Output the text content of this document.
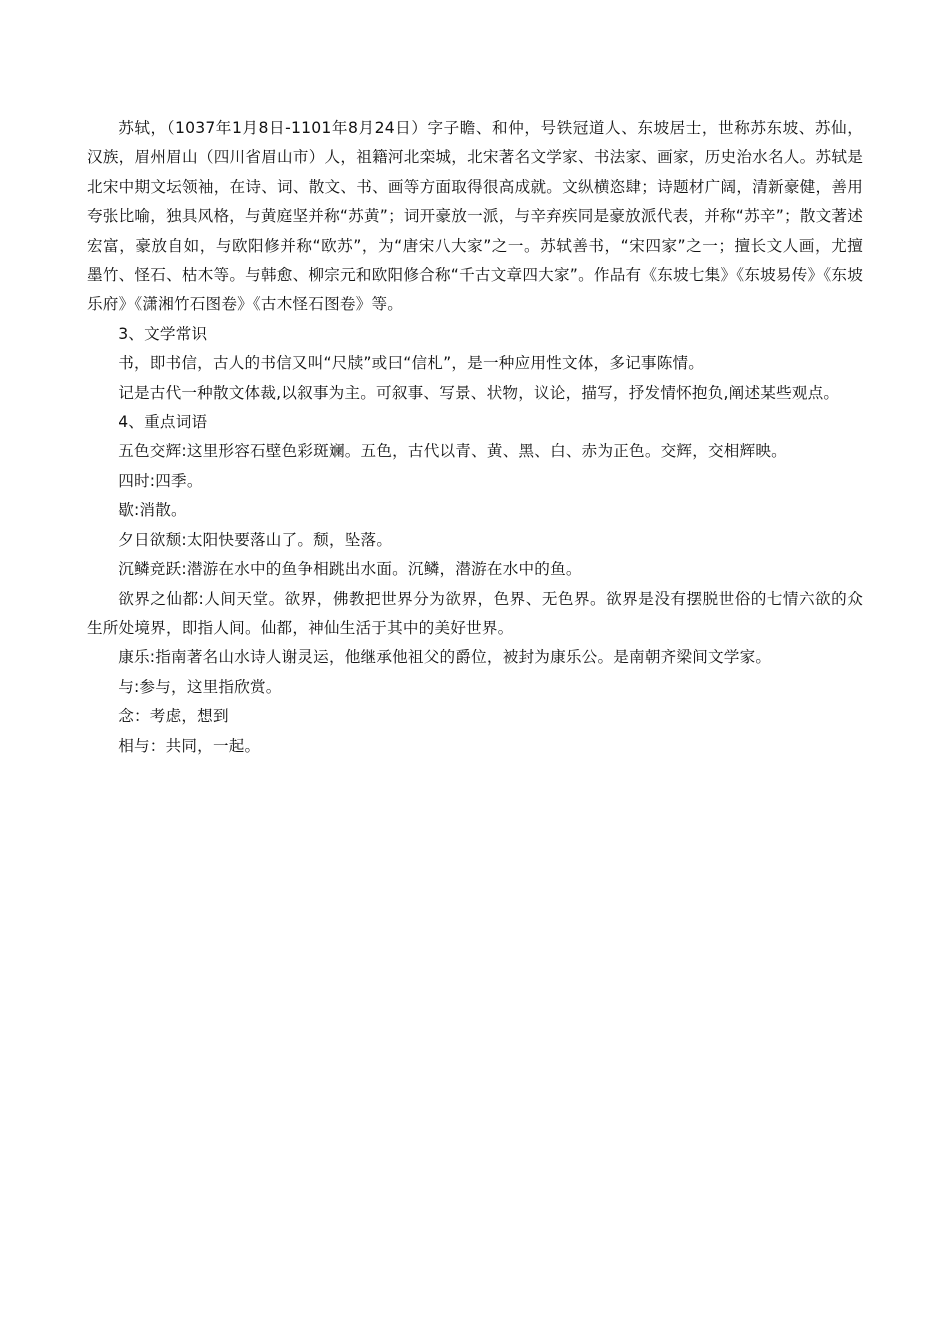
苏轼，（1037年1月8日-1101年8月24日）字子瞻、和仲，号铁冠道人、东坡居士，世称苏东坡、苏仙，汉族，眉州眉山（四川省眉山市）人，祖籍河北栾城，北宋著名文学家、书法家、画家，历史治水名人。苏轼是北宋中期文坛领袖，在诗、词、散文、书、画等方面取得很高成就。文纵横恣肆；诗题材广阔，清新豪健，善用夸张比喻，独具风格，与黄庭坚并称“苏黄”；词开豪放一派，与辛弃疾同是豪放派代表，并称“苏辛”；散文著述宏富，豪放自如，与欧阳修并称“欧苏”，为“唐宋八大家”之一。苏轼善书，“宋四家”之一；擅长文人画，尤擅墨竹、怪石、枯木等。与韩愈、柳宗元和欧阳修合称“千古文章四大家”。作品有《东坡七集》《东坡易传》《东坡乐府》《潇湘竹石图卷》《古木怪石图卷》等。

3、文学常识

书，即书信，古人的书信又叫“尺牍”或曰“信札”，是一种应用性文体，多记事陈情。

记是古代一种散文体裁,以叙事为主。可叙事、写景、状物，议论，描写，抒发情怀抱负,阐述某些观点。

4、重点词语

五色交辉:这里形容石壁色彩斑斓。五色，古代以青、黄、黑、白、赤为正色。交辉，交相辉映。

四时:四季。

歇:消散。

夕日欲颓:太阳快要落山了。颓，坠落。

沉鳞竞跃:潜游在水中的鱼争相跳出水面。沉鳞，潜游在水中的鱼。

欲界之仙都:人间天堂。欲界，佛教把世界分为欲界，色界、无色界。欲界是没有摆脱世俗的七情六欲的众生所处境界，即指人间。仙都，神仙生活于其中的美好世界。

康乐:指南著名山水诗人谢灵运，他继承他祖父的爵位，被封为康乐公。是南朝齐梁间文学家。

与:参与，这里指欣赏。

念：考虑，想到

相与：共同，一起。
